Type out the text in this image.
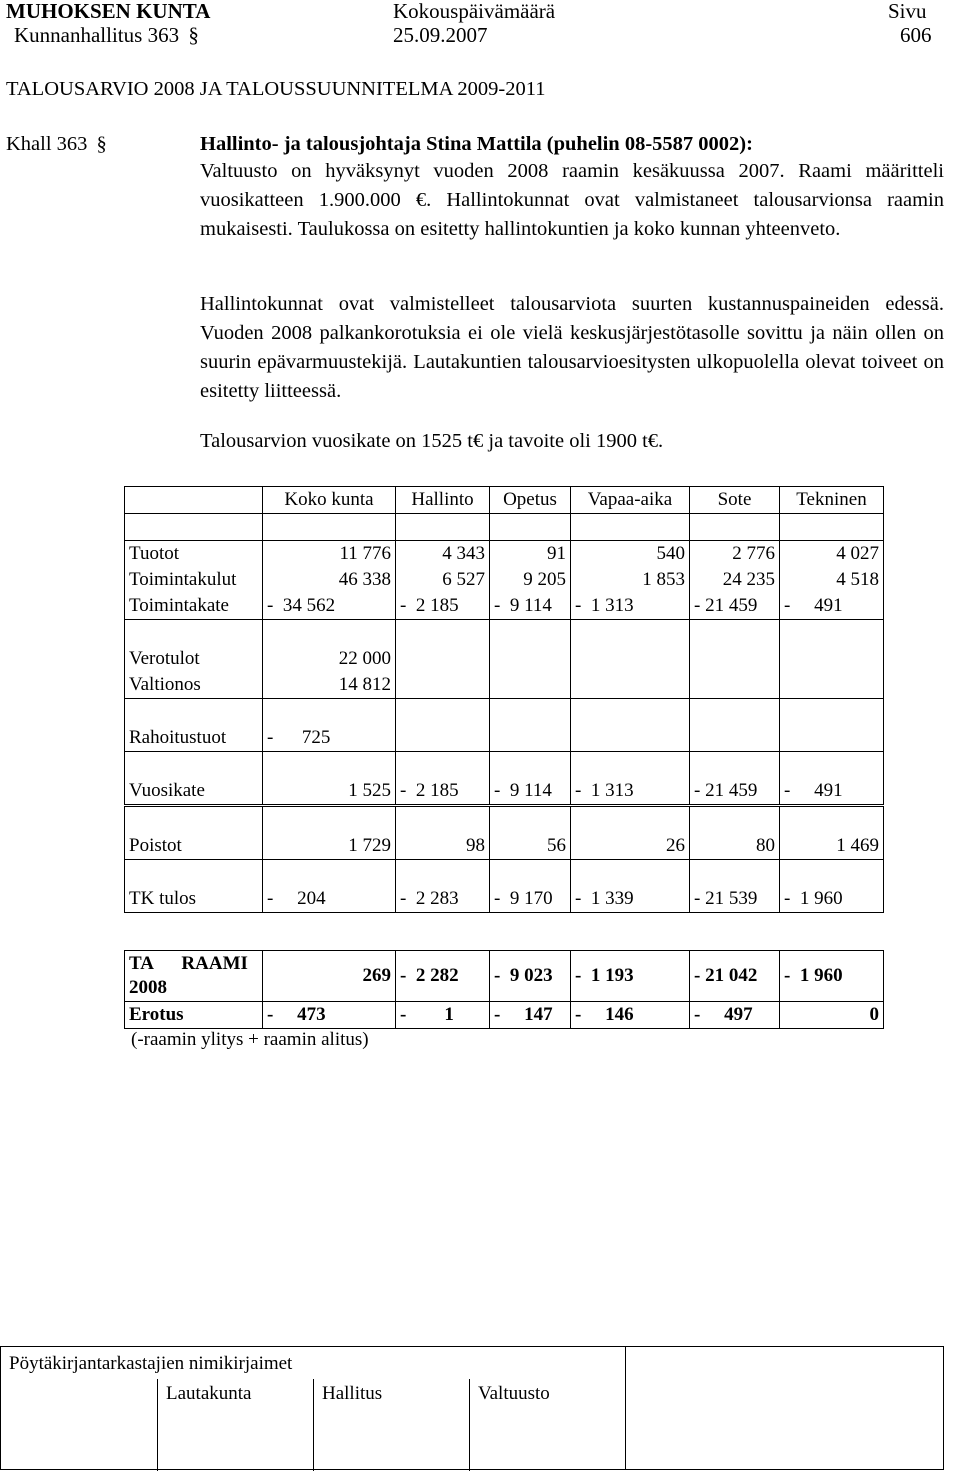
MUHOKSEN KUNTA	Kokouspäivämäärä	Sivu
Kunnanhallitus 363 §	25.09.2007	606
TALOUSARVIO 2008 JA TALOUSSUUNNITELMA 2009-2011
Khall 363 §	Hallinto- ja talousjohtaja Stina Mattila (puhelin 08-5587 0002):
Valtuusto on hyväksynyt vuoden 2008 raamin kesäkuussa 2007. Raami määritteli vuosikatteen 1.900.000 €. Hallintokunnat ovat valmistaneet talousarvionsa raamin mukaisesti. Taulukossa on esitetty hallintokuntien ja koko kunnan yhteenveto.
Hallintokunnat ovat valmistelleet talousarviota suurten kustannuspaineiden edessä. Vuoden 2008 palkankorotuksia ei ole vielä keskusjärjestötasolle sovittu ja näin ollen on suurin epävarmuustekijä. Lautakuntien talousarvioesitysten ulkopuolella olevat toiveet on esitetty liitteessä.
Talousarvion vuosikate on 1525 t€ ja tavoite oli 1900 t€.
	Koko kunta	Hallinto	Opetus	Vapaa-aika	Sote	Tekninen

Tuotot	11 776	4 343	91	540	2 776	4 027
Toimintakulut	46 338	6 527	9 205	1 853	24 235	4 518
Toimintakate	-  34 562	-  2 185	-  9 114	-  1 313	- 21 459	-     491

Verotulot	22 000					
Valtionos	14 812					

Rahoitustuot	-      725					

Vuosikate	1 525	-  2 185	-  9 114	-  1 313	- 21 459	-     491

Poistot	1 729	98	56	26	80	1 469

TK tulos	-     204	-  2 283	-  9 170	-  1 339	- 21 539	-  1 960
TA      RAAMI
2008	269	-  2 282	-  9 023	-  1 193	- 21 042	-  1 960
Erotus	-     473	-        1	-     147	-     146	-     497	0
(-raamin ylitys + raamin alitus)
Pöytäkirjantarkastajien nimikirjaimet
Lautakunta	Hallitus	Valtuusto
